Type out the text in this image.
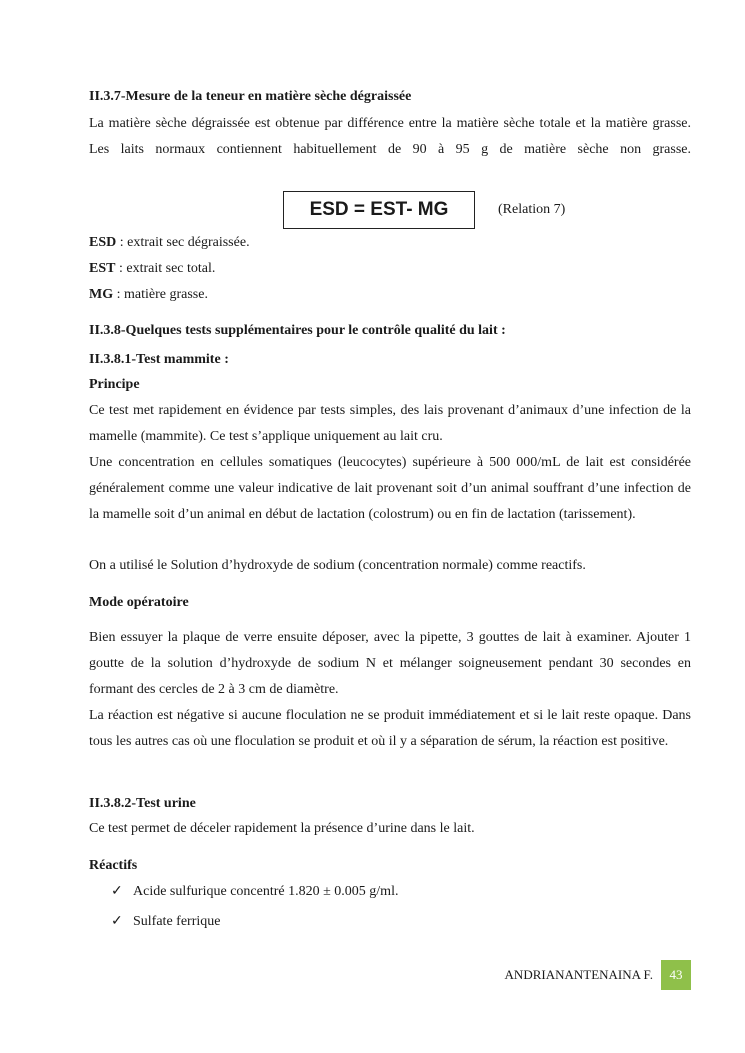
II.3.7-Mesure de la teneur en matière sèche dégraissée
La matière sèche dégraissée est obtenue par différence entre la matière sèche totale et la matière grasse. Les laits normaux contiennent habituellement de 90 à 95 g de matière sèche non grasse.
ESD = EST- MG	(Relation 7)
ESD : extrait sec dégraissée.
EST : extrait sec total.
MG : matière grasse.
II.3.8-Quelques tests supplémentaires pour le contrôle qualité du lait :
II.3.8.1-Test mammite :
Principe
Ce test met rapidement en évidence par tests simples, des lais provenant d’animaux d’une infection de la mamelle (mammite). Ce test s’applique uniquement au lait cru.
Une concentration en cellules somatiques (leucocytes) supérieure à 500 000/mL de lait est considérée généralement comme une valeur indicative de lait provenant soit d’un animal souffrant d’une infection de la mamelle soit d’un animal en début de lactation (colostrum) ou en fin de lactation (tarissement).
On a utilisé le Solution d’hydroxyde de sodium (concentration normale) comme reactifs.
Mode opératoire
Bien essuyer la plaque de verre ensuite déposer, avec la pipette, 3 gouttes de lait à examiner. Ajouter 1 goutte de la solution d’hydroxyde de sodium N et mélanger soigneusement pendant 30 secondes en formant des cercles de 2 à 3 cm de diamètre.
La réaction est négative si aucune floculation ne se produit immédiatement et si le lait reste opaque. Dans tous les autres cas où une floculation se produit et où il y a séparation de sérum, la réaction est positive.
II.3.8.2-Test urine
Ce test permet de déceler rapidement la présence d’urine dans le lait.
Réactifs
✓ Acide sulfurique concentré 1.820 ± 0.005 g/ml.
✓ Sulfate ferrique
ANDRIANANTENAINA F.	43
